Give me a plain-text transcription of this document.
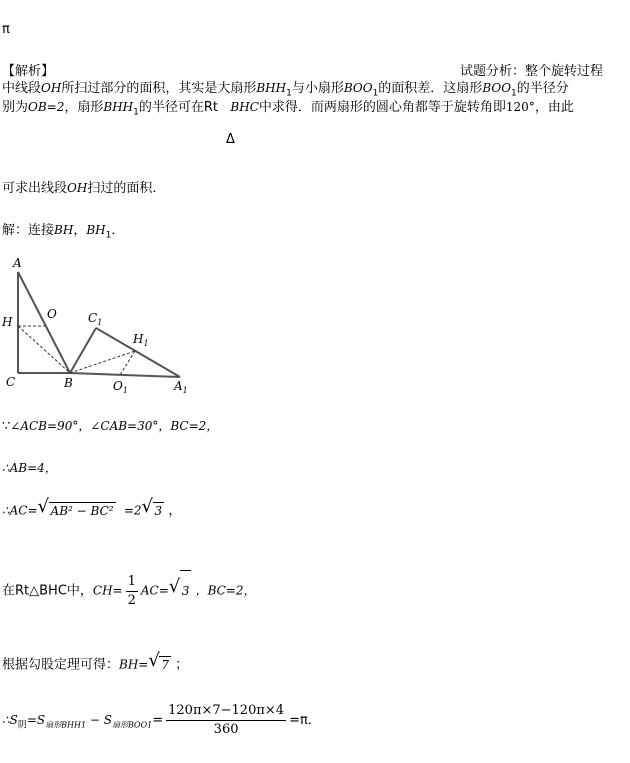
π
【解析】	试题分析：整个旋转过程
中线段OH所扫过部分的面积，其实是大扇形$BHH_1$与小扇形$BOO_1$的面积差．这扇形$BOO_1$的半径分
别为OB=2，扇形$BHH_1$的半径可在Rt BHC中求得．而两扇形的圆心角都等于旋转角即120°，由此
Δ
可求出线段OH扫过的面积．
解：连接BH，$BH_1$．
A
H
O
C	B
$C_1$
$H_1$
$O_1$	$A_1$
∵∠ACB=90°，∠CAB=30°，BC=2，
∴AB=4，
∴AC= √ AB² − BC² =2 √ 3 ，
在Rt△BHC中，$CH= \frac{1}{2} AC=$ √ 3 ，BC=2，
根据勾股定理可得：BH= √ 7 ；
$\therefore S_阴=S_{扇形BHH1} - S_{扇形BOO1}= \frac{120\pi\times 7-120\pi\times 4}{360} =\pi$．
